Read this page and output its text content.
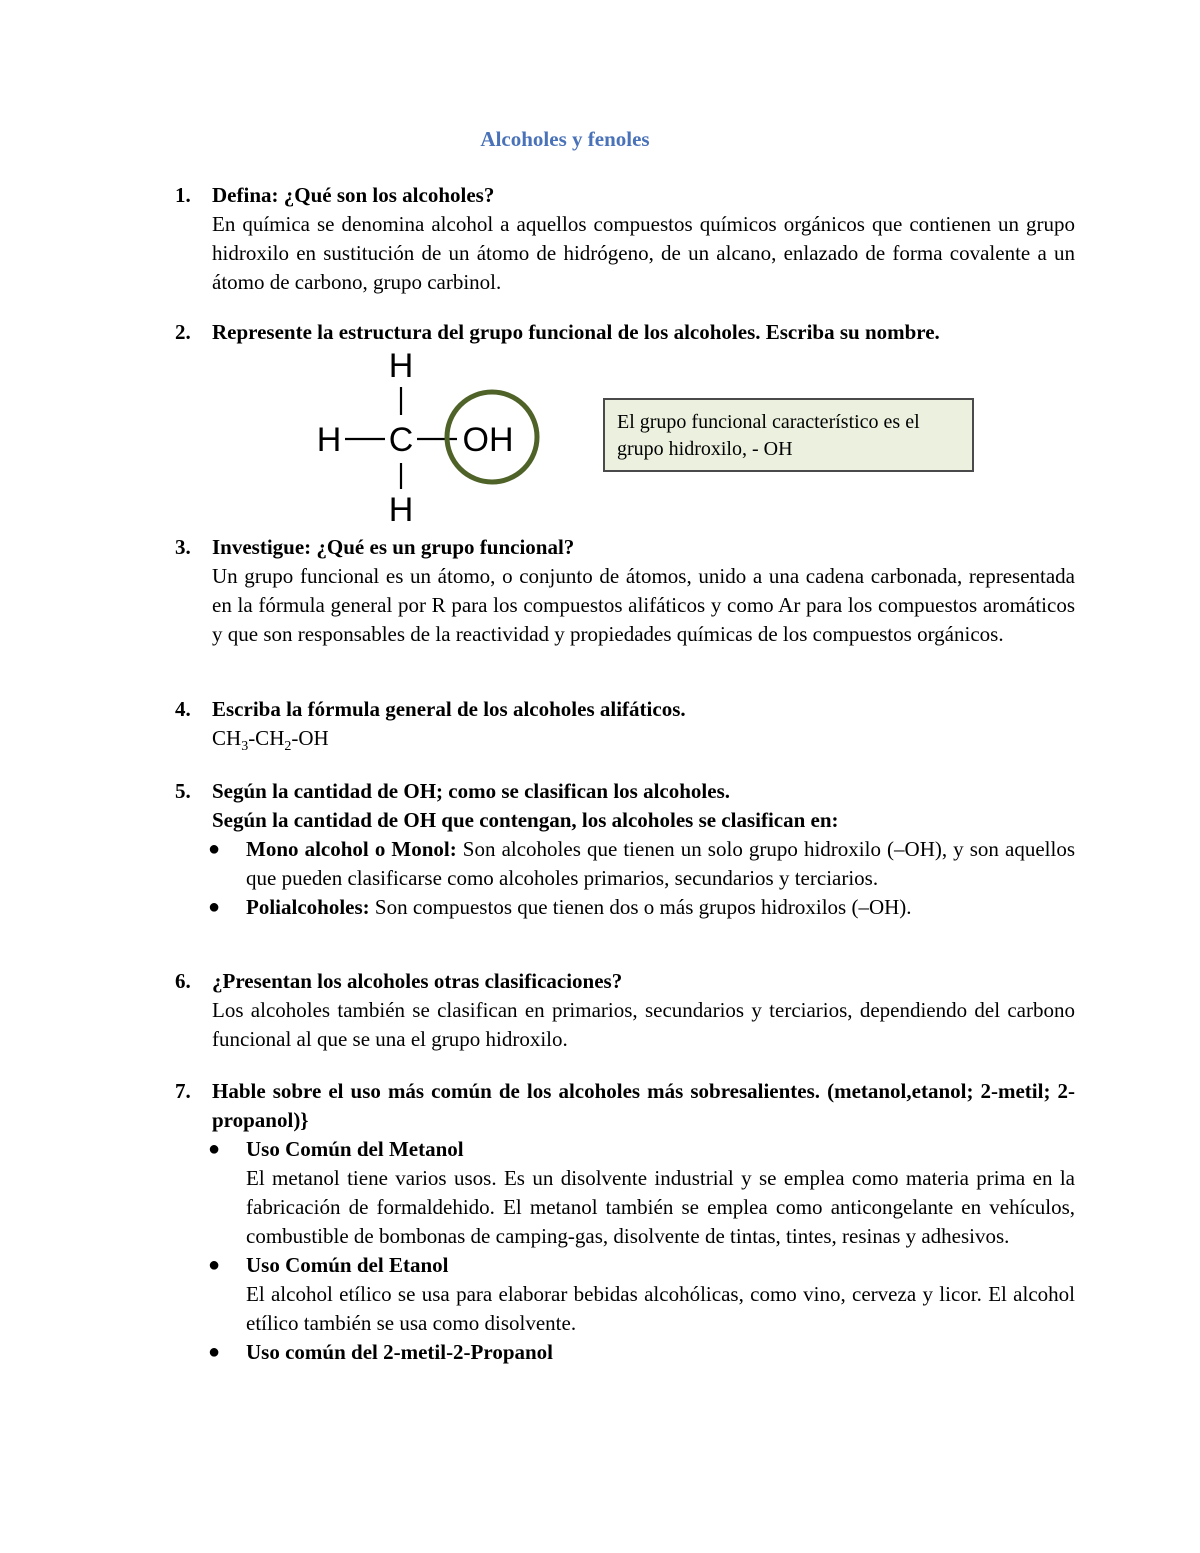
Alcoholes y fenoles
1. Defina: ¿Qué son los alcoholes?
En química se denomina alcohol a aquellos compuestos químicos orgánicos que contienen un grupo hidroxilo en sustitución de un átomo de hidrógeno, de un alcano, enlazado de forma covalente a un átomo de carbono, grupo carbinol.
2. Represente la estructura del grupo funcional de los alcoholes. Escriba su nombre.
H
H C OH
H
El grupo funcional característico es el grupo hidroxilo, - OH
3. Investigue: ¿Qué es un grupo funcional?
Un grupo funcional es un átomo, o conjunto de átomos, unido a una cadena carbonada, representada en la fórmula general por R para los compuestos alifáticos y como Ar para los compuestos aromáticos y que son responsables de la reactividad y propiedades químicas de los compuestos orgánicos.
4. Escriba la fórmula general de los alcoholes alifáticos.
$CH_3-CH_2-OH$
5. Según la cantidad de OH; como se clasifican los alcoholes.
Según la cantidad de OH que contengan, los alcoholes se clasifican en:
● Mono alcohol o Monol: Son alcoholes que tienen un solo grupo hidroxilo (–OH), y son aquellos que pueden clasificarse como alcoholes primarios, secundarios y terciarios.
● Polialcoholes: Son compuestos que tienen dos o más grupos hidroxilos (–OH).
6. ¿Presentan los alcoholes otras clasificaciones?
Los alcoholes también se clasifican en primarios, secundarios y terciarios, dependiendo del carbono funcional al que se una el grupo hidroxilo.
7. Hable sobre el uso más común de los alcoholes más sobresalientes. (metanol,etanol; 2-metil; 2-propanol)}
● Uso Común del Metanol
El metanol tiene varios usos. Es un disolvente industrial y se emplea como materia prima en la fabricación de formaldehido. El metanol también se emplea como anticongelante en vehículos, combustible de bombonas de camping-gas, disolvente de tintas, tintes, resinas y adhesivos.
● Uso Común del Etanol
El alcohol etílico se usa para elaborar bebidas alcohólicas, como vino, cerveza y licor. El alcohol etílico también se usa como disolvente.
● Uso común del 2-metil-2-Propanol
